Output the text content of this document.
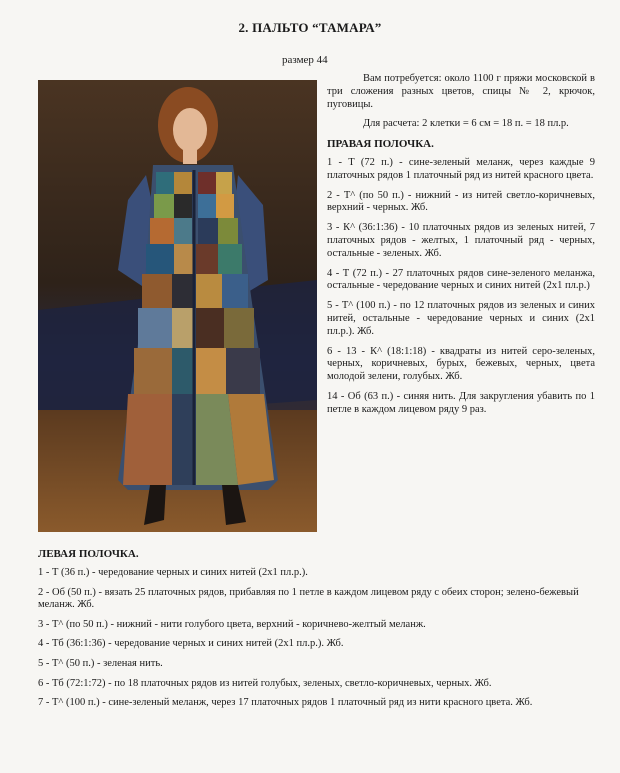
2. ПАЛЬТО “ТАМАРА”
размер 44

Вам потребуется: около 1100 г пряжи московской в три сложения разных цветов, спицы № 2, крючок, пуговицы.

Для расчета: 2 клетки = 6 см = 18 п. = 18 пл.р.

ПРАВАЯ ПОЛОЧКА.

1 - Т (72 п.) - сине-зеленый меланж, через каждые 9 платочных рядов 1 платочный ряд из нитей красного цвета.

2 - Т^ (по 50 п.) - нижний - из нитей светло-коричневых, верхний - черных. Жб.

3 - К^ (36:1:36) - 10 платочных рядов из зеленых нитей, 7 платочных рядов - желтых, 1 платочный ряд - черных, остальные - зеленых. Жб.

4 - Т (72 п.) - 27 платочных рядов сине-зеленого меланжа, остальные - чередование черных и синих нитей (2х1 пл.р.)

5 - Т^ (100 п.) - по 12 платочных рядов из зеленых и синих нитей, остальные - чередование черных и синих (2х1 пл.р.). Жб.

6 - 13 - К^ (18:1:18) - квадраты из нитей серо-зеленых, черных, коричневых, бурых, бежевых, черных, цвета молодой зелени, голубых. Жб.

14 - Об (63 п.) - синяя нить. Для закругления убавить по 1 петле в каждом лицевом ряду 9 раз.

ЛЕВАЯ ПОЛОЧКА.

1 - Т (36 п.) - чередование черных и синих нитей (2х1 пл.р.).

2 - Об (50 п.) - вязать 25 платочных рядов, прибавляя по 1 петле в каждом лицевом ряду с обеих сторон; зелено-бежевый меланж. Жб.

3 - Т^ (по 50 п.) - нижний - нити голубого цвета, верхний - коричнево-желтый меланж.

4 - Тб (36:1:36) - чередование черных и синих нитей (2х1 пл.р.). Жб.

5 - Т^ (50 п.) - зеленая нить.

6 - Тб (72:1:72) - по 18 платочных рядов из нитей голубых, зеленых, светло-коричневых, черных. Жб.

7 - Т^ (100 п.) - сине-зеленый меланж, через 17 платочных рядов 1 платочный ряд из нити красного цвета. Жб.
